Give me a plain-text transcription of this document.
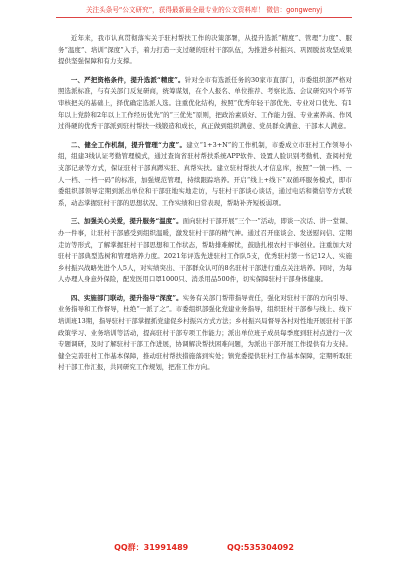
关注头条号“公文研究”，获得最新最全最专业的公文资料库！ 微信：gongwenyj

近年来，我市认真贯彻落实关于驻村帮扶工作的决策部署，从提升选派“精度”、管理“力度”、服务“温度”、培训“深度”入手，着力打造一支过硬的驻村干部队伍，为推进乡村振兴、巩固脱贫攻坚成果提供坚强保障和有力支撑。

一、严把资格条件，提升选派“精度”。针对全市有选派任务的30家市直部门，市委组织部严格对照选派标准，与有关部门反复研商，统筹谋划，在个人报名、单位推荐、考察比选、会议研究四个环节审核把关的基础上，择优确定选派人选。注重优化结构，按照“优秀年轻干部优先、专业对口优先、有1年以上党龄和2年以上工作经历优先”的“三优先”原则，把政治素质好、工作能力强、专业素养高、作风过得硬的优秀干部派到驻村帮扶一线锻造和成长，真正做到组织满意、党员群众满意、干部本人满意。

二、健全工作机制，提升管理“力度”。建立“1+3+N”的工作机制，市委成立市驻村工作领导小组，组建3线认证考勤管理模式，通过查询省驻村帮扶系统APP软件、设置人脸识别考勤机、查阅村党支部记录等方式，保证驻村干部真蹲实驻、真帮实扶。建立驻村帮扶人才信息库，按照“一镇一档、一人一档、一档一码”的标准，加强规范管理，持续跟踪培养。开启“线上+线下”双循环服务模式，即市委组织部领导定期到派出单位和干部驻地实地走访，与驻村干部谈心谈话，通过电话和微信等方式联系，动态掌握驻村干部的思想状况、工作实绩和日常表现，帮助补齐短板弱项。

三、加强关心关爱，提升服务“温度”。面向驻村干部开展“三个一”活动，即谈一次话、讲一堂课、办一件事，让驻村干部感受到组织温暖，激发驻村干部的精气神。通过召开座谈会、发送慰问信、定期走访等形式，了解掌握驻村干部思想和工作状态，帮助排难解忧，鼓励扎根农村干事创业。注重加大对驻村干部典型选树和管理培养力度。2021年评选先进驻村工作队5支，优秀驻村第一书记12人、实施乡村振兴战略先进个人5人，对实绩突出、干部群众认可的8名驻村干部进行重点关注培养。同时，为每人办理人身意外保险，配发医用口罩1000只、消杀用品500件，切实保障驻村干部身体健康。

四、实施部门联动，提升指导“深度”。实务有关部门帮带指导责任，强化对驻村干部的方向引导、业务指导和工作督导，杜绝“一派了之”。市委组织部强化党建业务指导，组织驻村干部参与线上、线下培训班13期，指导驻村干部掌握抓党建促乡村振兴方式方法；乡村振兴局督导各村对性地开展驻村干部政策学习、业务培训等活动，提高驻村干部专项工作能力；派出单位班子成员每季度到驻村点进行一次专题调研，及时了解驻村干部工作进展，协调解决帮扶困难问题，为派出干部开展工作提供有力支持。健全完善驻村工作基本保障，推动驻村帮扶措施落到实处；镇党委提供驻村工作基本保障，定期听取驻村干部工作汇报，共同研究工作规划，把准工作方向。

QQ群：31991489	QQ:535304092
